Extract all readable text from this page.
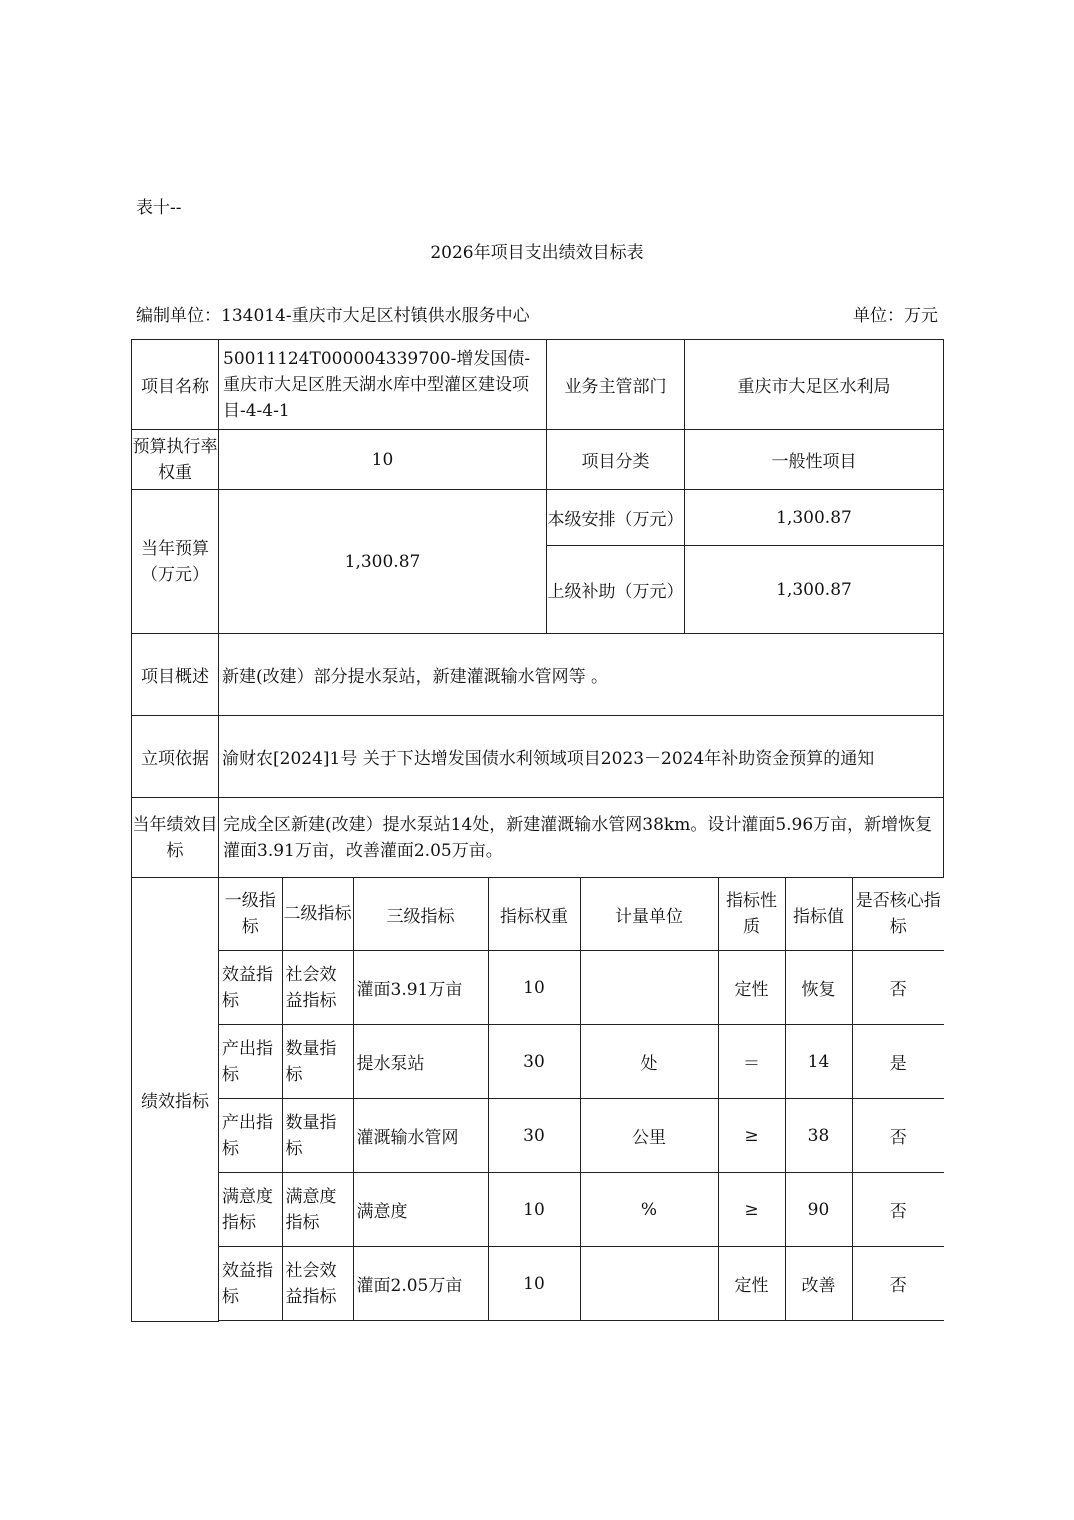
表十--
2026年项目支出绩效目标表
编制单位：134014-重庆市大足区村镇供水服务中心	单位：万元
项目名称	50011124T000004339700-增发国债-重庆市大足区胜天湖水库中型灌区建设项目-4-4-1	业务主管部门	重庆市大足区水利局
预算执行率权重	10	项目分类	一般性项目
当年预算（万元）	1,300.87	本级安排（万元）	1,300.87
上级补助（万元）	1,300.87
项目概述	新建(改建）部分提水泵站，新建灌溉输水管网等 。
立项依据	渝财农[2024]1号 关于下达增发国债水利领域项目2023－2024年补助资金预算的通知
当年绩效目标	完成全区新建(改建）提水泵站14处，新建灌溉输水管网38km。设计灌面5.96万亩，新增恢复灌面3.91万亩，改善灌面2.05万亩。
绩效指标	
一级指标	二级指标	三级指标	指标权重	计量单位	指标性质	指标值	是否核心指标
效益指标	社会效益指标	灌面3.91万亩	10		定性	恢复	否
产出指标	数量指标	提水泵站	30	处	＝	14	是
产出指标	数量指标	灌溉输水管网	30	公里	≥	38	否
满意度指标	满意度指标	满意度	10	%	≥	90	否
效益指标	社会效益指标	灌面2.05万亩	10		定性	改善	否
